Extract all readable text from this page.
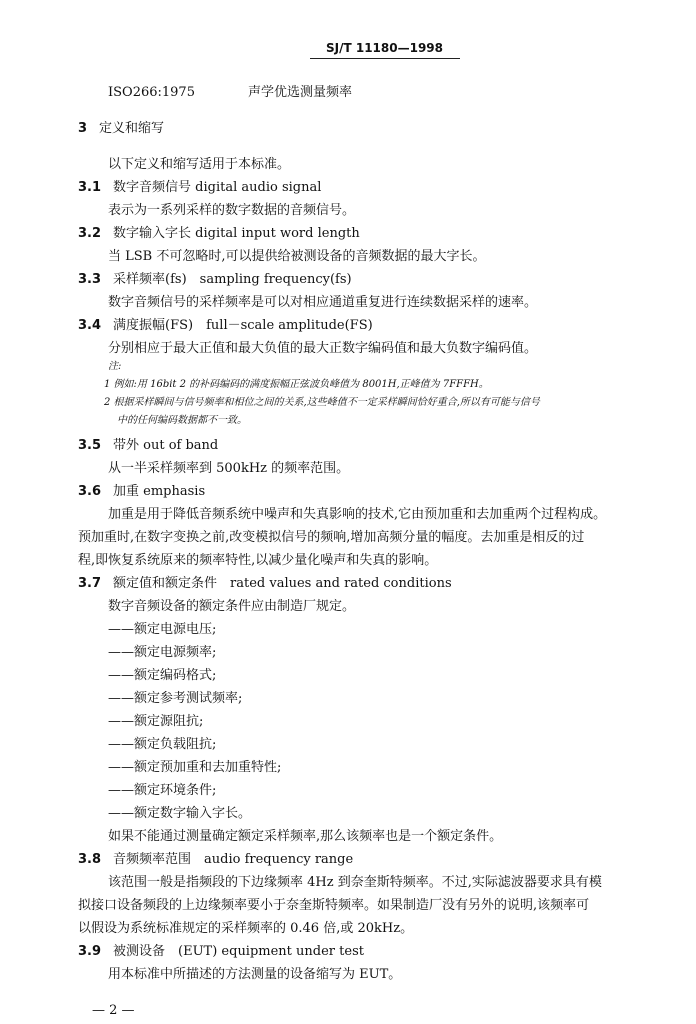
SJ/T 11180—1998
ISO266:1975	声学优选测量频率
3 定义和缩写
以下定义和缩写适用于本标准。
3.1 数字音频信号 digital audio signal
表示为一系列采样的数字数据的音频信号。
3.2 数字输入字长 digital input word length
当 LSB 不可忽略时,可以提供给被测设备的音频数据的最大字长。
3.3 采样频率(fs)　sampling frequency(fs)
数字音频信号的采样频率是可以对相应通道重复进行连续数据采样的速率。
3.4 满度振幅(FS)　full－scale amplitude(FS)
分别相应于最大正值和最大负值的最大正数字编码值和最大负数字编码值。
注:
1 例如:用 16bit 2 的补码编码的满度振幅正弦波负峰值为 8001H,正峰值为 7FFFH。
2 根据采样瞬间与信号频率和相位之间的关系,这些峰值不一定采样瞬间恰好重合,所以有可能与信号
中的任何编码数据都不一致。
3.5 带外 out of band
从一半采样频率到 500kHz 的频率范围。
3.6 加重 emphasis
加重是用于降低音频系统中噪声和失真影响的技术,它由预加重和去加重两个过程构成。
预加重时,在数字变换之前,改变模拟信号的频响,增加高频分量的幅度。去加重是相反的过
程,即恢复系统原来的频率特性,以减少量化噪声和失真的影响。
3.7 额定值和额定条件　rated values and rated conditions
数字音频设备的额定条件应由制造厂规定。
——额定电源电压;
——额定电源频率;
——额定编码格式;
——额定参考测试频率;
——额定源阻抗;
——额定负载阻抗;
——额定预加重和去加重特性;
——额定环境条件;
——额定数字输入字长。
如果不能通过测量确定额定采样频率,那么该频率也是一个额定条件。
3.8 音频频率范围　audio frequency range
该范围一般是指频段的下边缘频率 4Hz 到奈奎斯特频率。不过,实际滤波器要求具有模
拟接口设备频段的上边缘频率要小于奈奎斯特频率。如果制造厂没有另外的说明,该频率可
以假设为系统标准规定的采样频率的 0.46 倍,或 20kHz。
3.9 被测设备　(EUT) equipment under test
用本标准中所描述的方法测量的设备缩写为 EUT。
— 2 —
